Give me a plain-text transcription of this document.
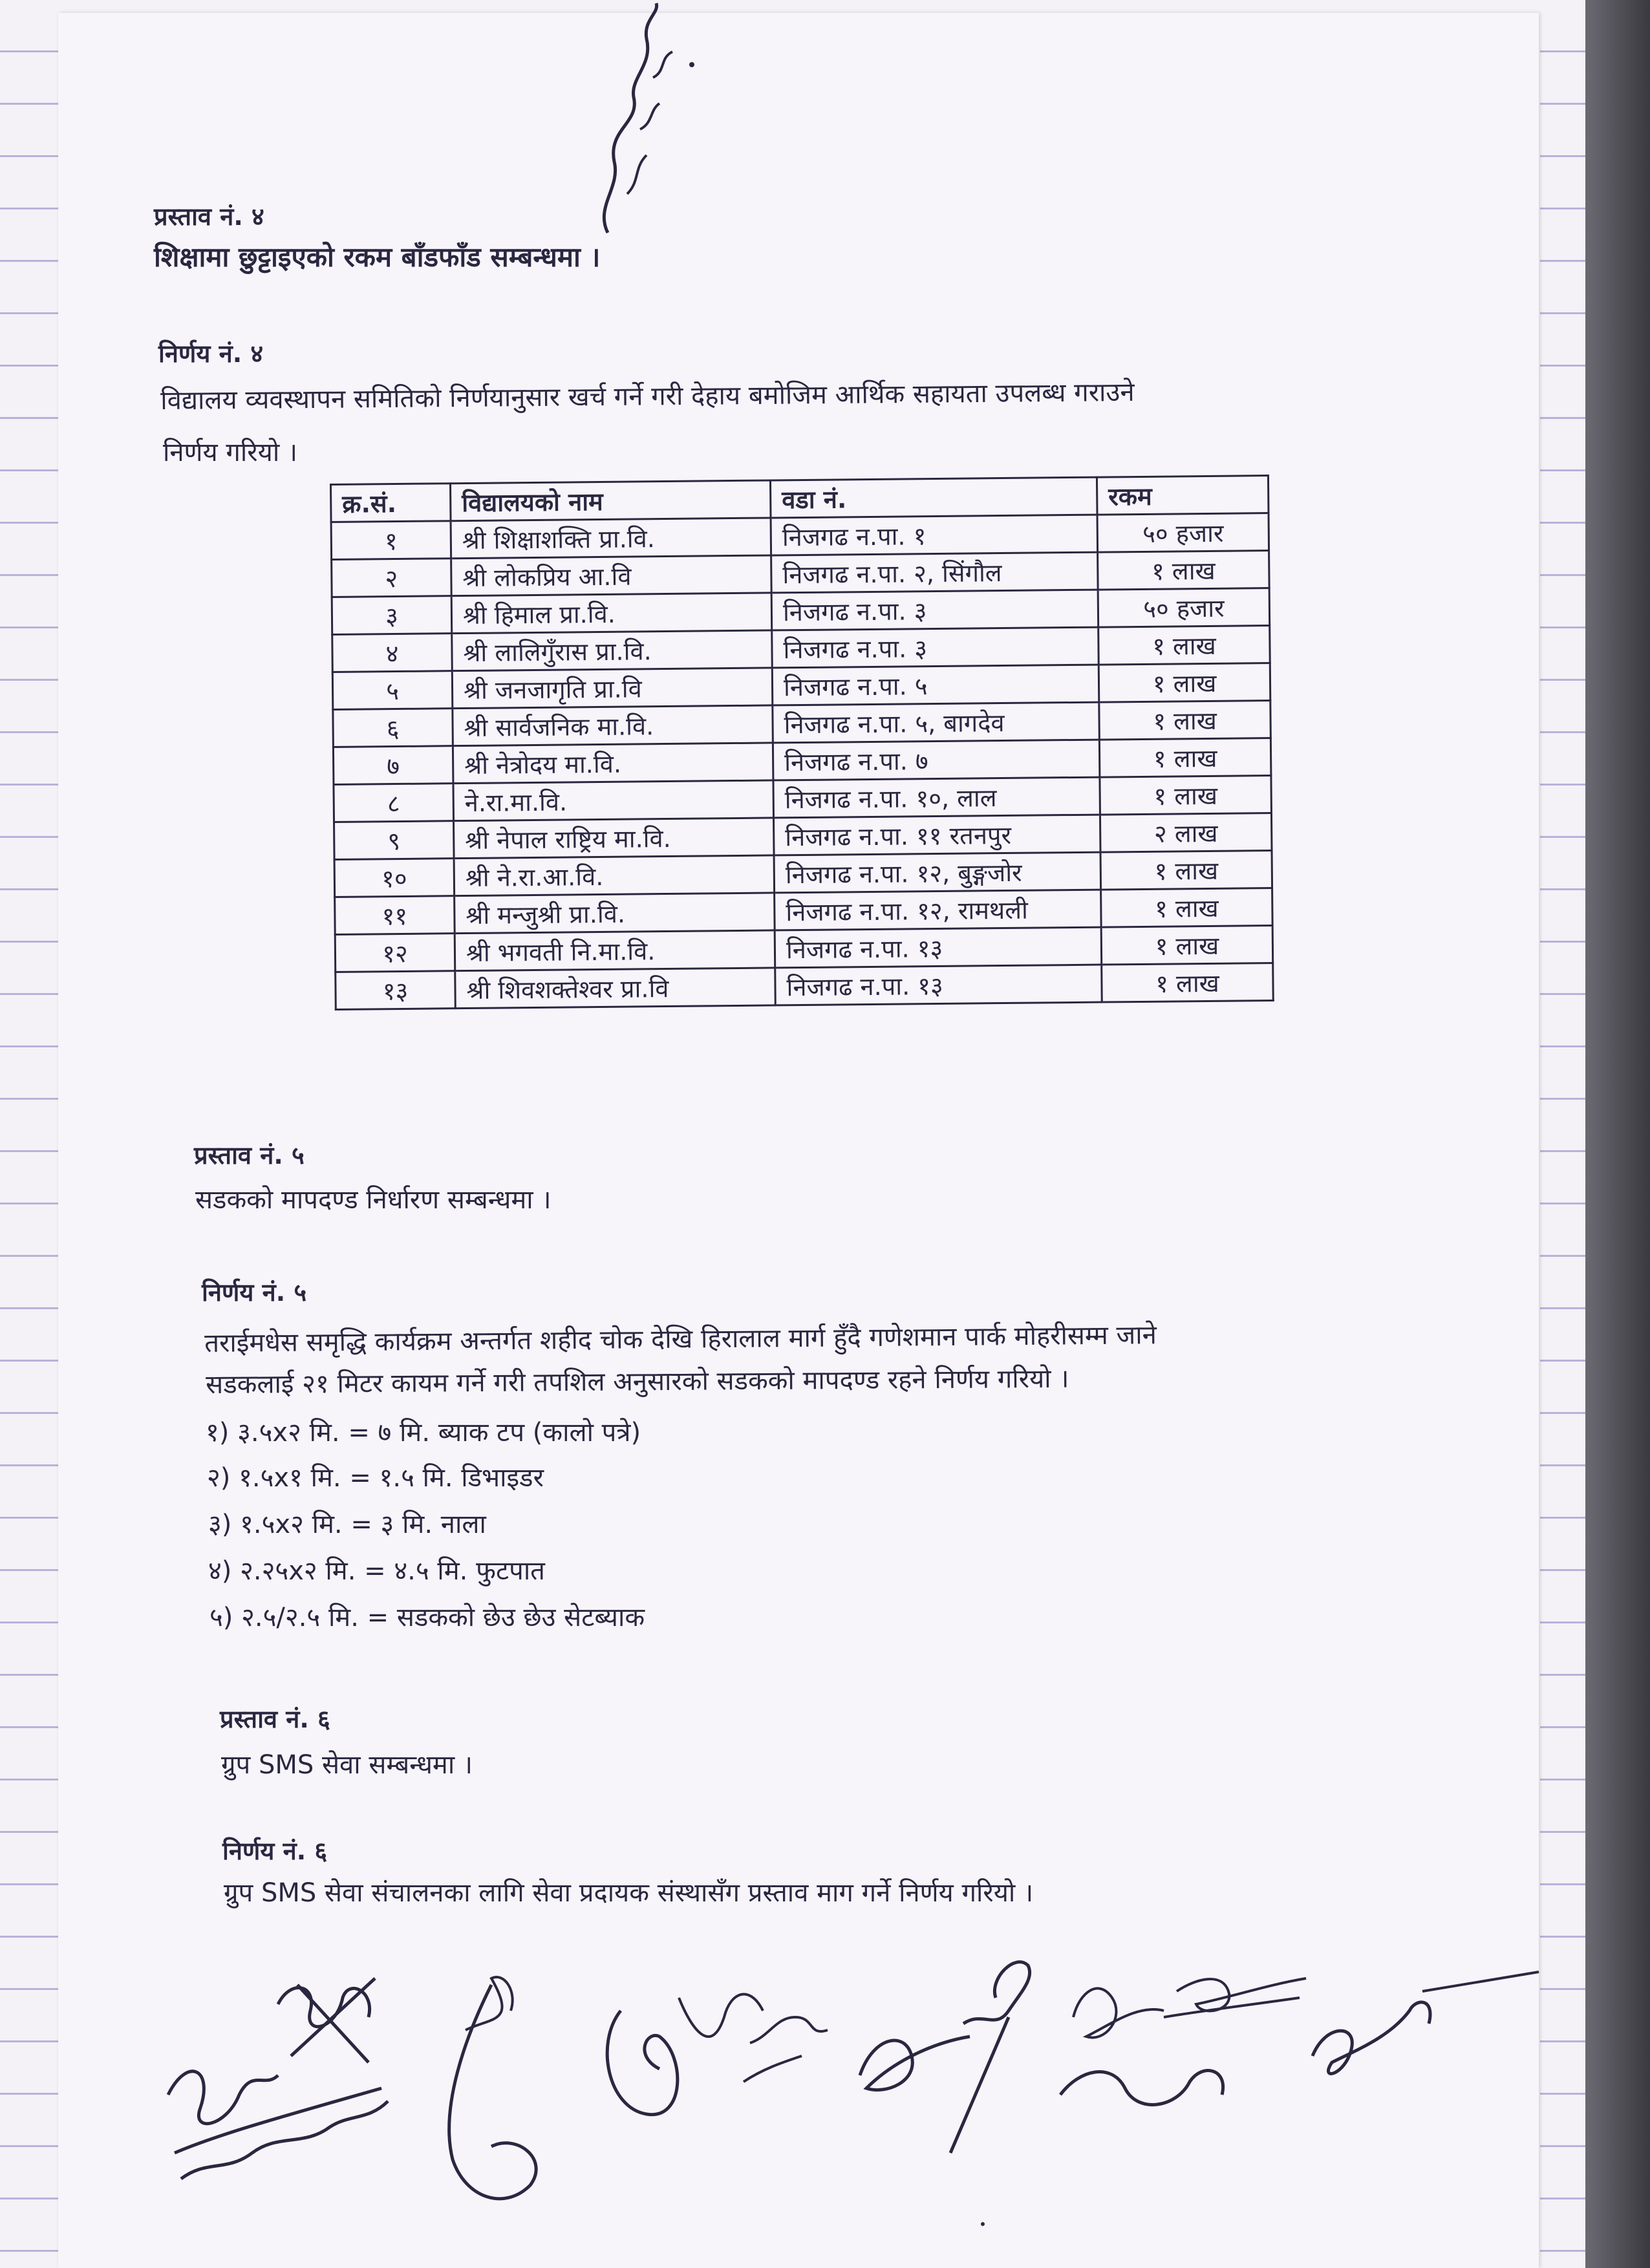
प्रस्ताव नं. ४
शिक्षामा छुट्टाइएको रकम बाँडफाँड सम्बन्धमा ।
निर्णय नं. ४
विद्यालय व्यवस्थापन समितिको निर्णयानुसार खर्च गर्ने गरी देहाय बमोजिम आर्थिक सहायता उपलब्ध गराउने
निर्णय गरियो ।
क्र.सं.	विद्यालयको नाम	वडा नं.	रकम
१	श्री शिक्षाशक्ति प्रा.वि.	निजगढ न.पा. १	५० हजार
२	श्री लोकप्रिय आ.वि	निजगढ न.पा. २, सिंगौल	१ लाख
३	श्री हिमाल प्रा.वि.	निजगढ न.पा. ३	५० हजार
४	श्री लालिगुँरास प्रा.वि.	निजगढ न.पा. ३	१ लाख
५	श्री जनजागृति प्रा.वि	निजगढ न.पा. ५	१ लाख
६	श्री सार्वजनिक मा.वि.	निजगढ न.पा. ५, बागदेव	१ लाख
७	श्री नेत्रोदय मा.वि.	निजगढ न.पा. ७	१ लाख
८	ने.रा.मा.वि.	निजगढ न.पा. १०, लाल	१ लाख
९	श्री नेपाल राष्ट्रिय मा.वि.	निजगढ न.पा. ११ रतनपुर	२ लाख
१०	श्री ने.रा.आ.वि.	निजगढ न.पा. १२, बुङ्गजोर	१ लाख
११	श्री मन्जुश्री प्रा.वि.	निजगढ न.पा. १२, रामथली	१ लाख
१२	श्री भगवती नि.मा.वि.	निजगढ न.पा. १३	१ लाख
१३	श्री शिवशक्तेश्वर प्रा.वि	निजगढ न.पा. १३	१ लाख
प्रस्ताव नं. ५
सडकको मापदण्ड निर्धारण सम्बन्धमा ।
निर्णय नं. ५
तराईमधेस समृद्धि कार्यक्रम अन्तर्गत शहीद चोक देखि हिरालाल मार्ग हुँदै गणेशमान पार्क मोहरीसम्म जाने
सडकलाई २१ मिटर कायम गर्ने गरी तपशिल अनुसारको सडकको मापदण्ड रहने निर्णय गरियो ।
१) ३.५x२ मि. = ७ मि. ब्याक टप (कालो पत्रे)
२) १.५x१ मि. = १.५ मि. डिभाइडर
३) १.५x२ मि. = ३ मि. नाला
४) २.२५x२ मि. = ४.५ मि. फुटपात
५) २.५/२.५ मि. = सडकको छेउ छेउ सेटब्याक
प्रस्ताव नं. ६
ग्रुप SMS सेवा सम्बन्धमा ।
निर्णय नं. ६
ग्रुप SMS सेवा संचालनका लागि सेवा प्रदायक संस्थासँग प्रस्ताव माग गर्ने निर्णय गरियो ।
